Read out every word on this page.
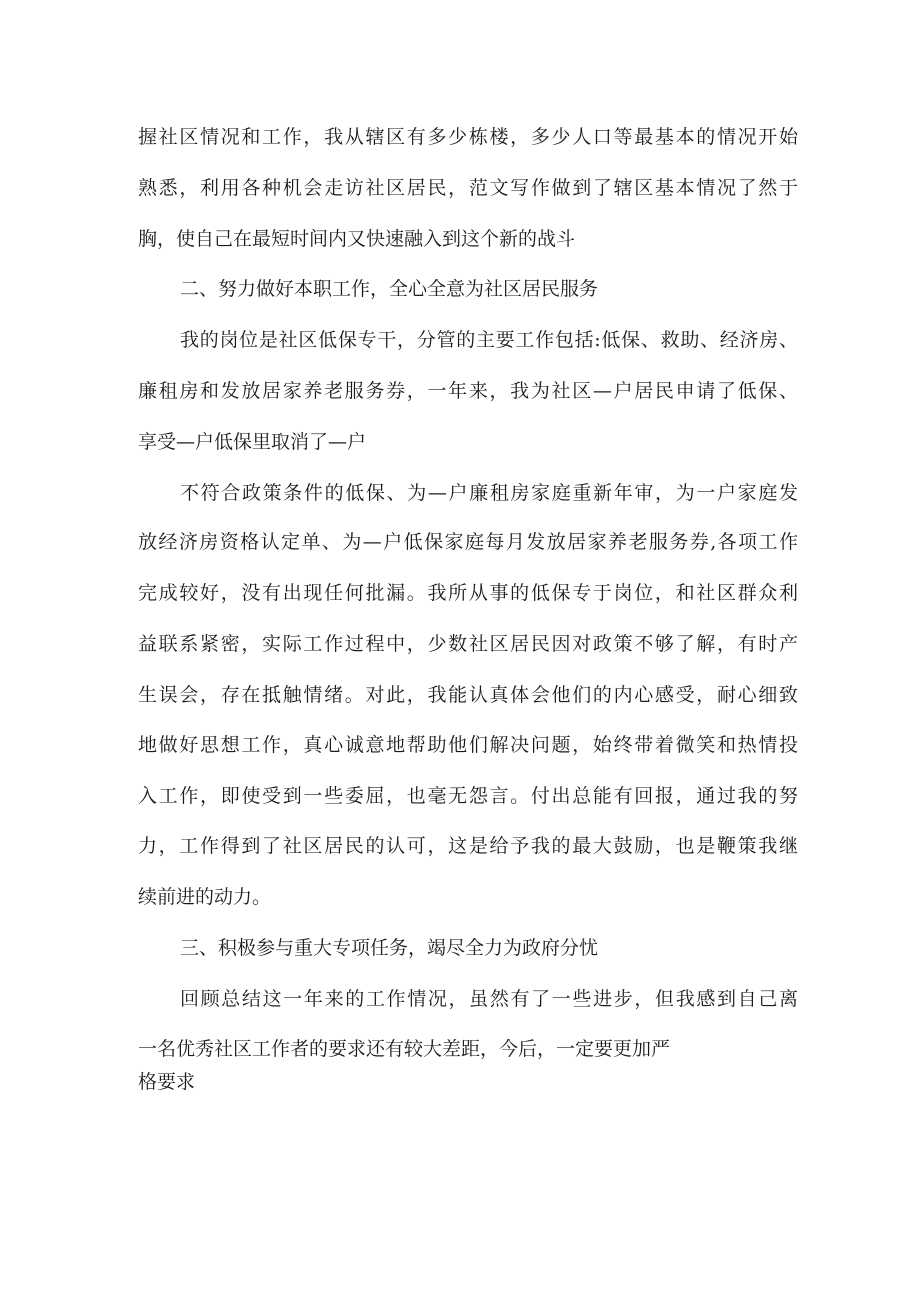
握社区情况和工作，我从辖区有多少栋楼，多少人口等最基本的情况开始
熟悉，利用各种机会走访社区居民，范文写作做到了辖区基本情况了然于
胸，使自己在最短时间内又快速融入到这个新的战斗
二、努力做好本职工作，全心全意为社区居民服务
我的岗位是社区低保专干，分管的主要工作包括:低保、救助、经济房、
廉租房和发放居家养老服务券，一年来，我为社区—户居民申请了低保、
享受—户低保里取消了—户
不符合政策条件的低保、为—户廉租房家庭重新年审，为一户家庭发
放经济房资格认定单、为—户低保家庭每月发放居家养老服务券,各项工作
完成较好，没有出现任何批漏。我所从事的低保专于岗位，和社区群众利
益联系紧密，实际工作过程中，少数社区居民因对政策不够了解，有时产
生误会，存在抵触情绪。对此，我能认真体会他们的内心感受，耐心细致
地做好思想工作，真心诚意地帮助他们解决问题，始终带着微笑和热情投
入工作，即使受到一些委屈，也毫无怨言。付出总能有回报，通过我的努
力，工作得到了社区居民的认可，这是给予我的最大鼓励，也是鞭策我继
续前进的动力。
三、积极参与重大专项任务，竭尽全力为政府分忧
回顾总结这一年来的工作情况，虽然有了一些进步，但我感到自己离
一名优秀社区工作者的要求还有较大差距，今后，一定要更加严
格要求
